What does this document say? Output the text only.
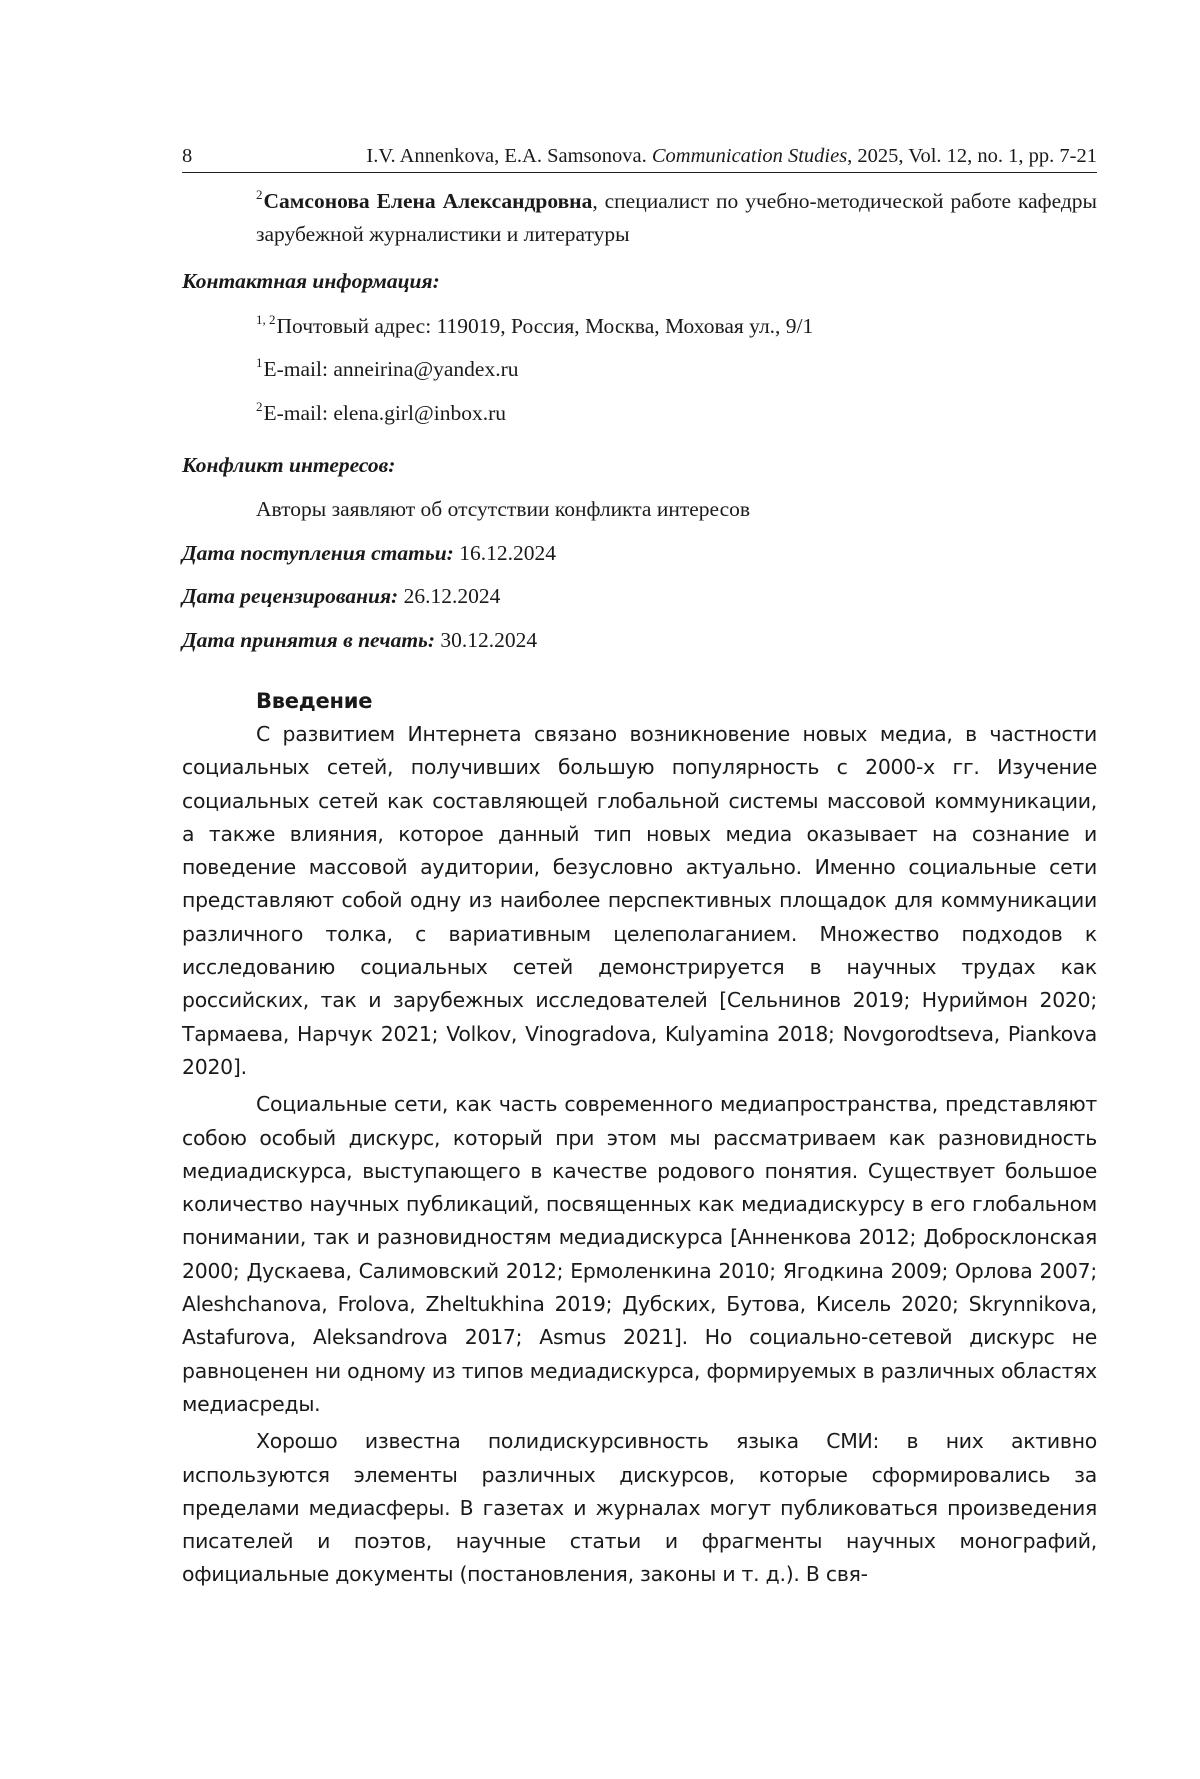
8	I.V. Annenkova, E.A. Samsonova. Communication Studies, 2025, Vol. 12, no. 1, pp. 7-21
$^2$Самсонова Елена Александровна, специалист по учебно-методической работе кафедры зарубежной журналистики и литературы
Контактная информация:
$^{1, 2}$Почтовый адрес: 119019, Россия, Москва, Моховая ул., 9/1
$^1$E-mail: anneirina@yandex.ru
$^2$E-mail: elena.girl@inbox.ru
Конфликт интересов:
Авторы заявляют об отсутствии конфликта интересов
Дата поступления статьи: 16.12.2024
Дата рецензирования: 26.12.2024
Дата принятия в печать: 30.12.2024
Введение

С развитием Интернета связано возникновение новых медиа, в частности социальных сетей, получивших большую популярность с 2000-х гг. Изучение социальных сетей как составляющей глобальной системы массовой коммуникации, а также влияния, которое данный тип новых медиа оказывает на сознание и поведение массовой аудитории, безусловно актуально. Именно социальные сети представляют собой одну из наиболее перспективных площадок для коммуникации различного толка, с вариативным целеполаганием. Множество подходов к исследованию социальных сетей демонстрируется в научных трудах как российских, так и зарубежных исследователей [Сельнинов 2019; Нуриймон 2020; Тармаева, Нарчук 2021; Volkov, Vinogradova, Kulyamina 2018; Novgorodtseva, Piankova 2020].

Социальные сети, как часть современного медиапространства, представляют собою особый дискурс, который при этом мы рассматриваем как разновидность медиадискурса, выступающего в качестве родового понятия. Существует большое количество научных публикаций, посвященных как медиадискурсу в его глобальном понимании, так и разновидностям медиадискурса [Анненкова 2012; Добросклонская 2000; Дускаева, Салимовский 2012; Ермоленкина 2010; Ягодкина 2009; Орлова 2007; Aleshchanova, Frolova, Zheltukhina 2019; Дубских, Бутова, Кисель 2020; Skrynnikova, Astafurova, Aleksandrova 2017; Asmus 2021]. Но социально-сетевой дискурс не равноценен ни одному из типов медиадискурса, формируемых в различных областях медиасреды.

Хорошо известна полидискурсивность языка СМИ: в них активно используются элементы различных дискурсов, которые сформировались за пределами медиасферы. В газетах и журналах могут публиковаться произведения писателей и поэтов, научные статьи и фрагменты научных монографий, официальные документы (постановления, законы и т. д.). В свя-
